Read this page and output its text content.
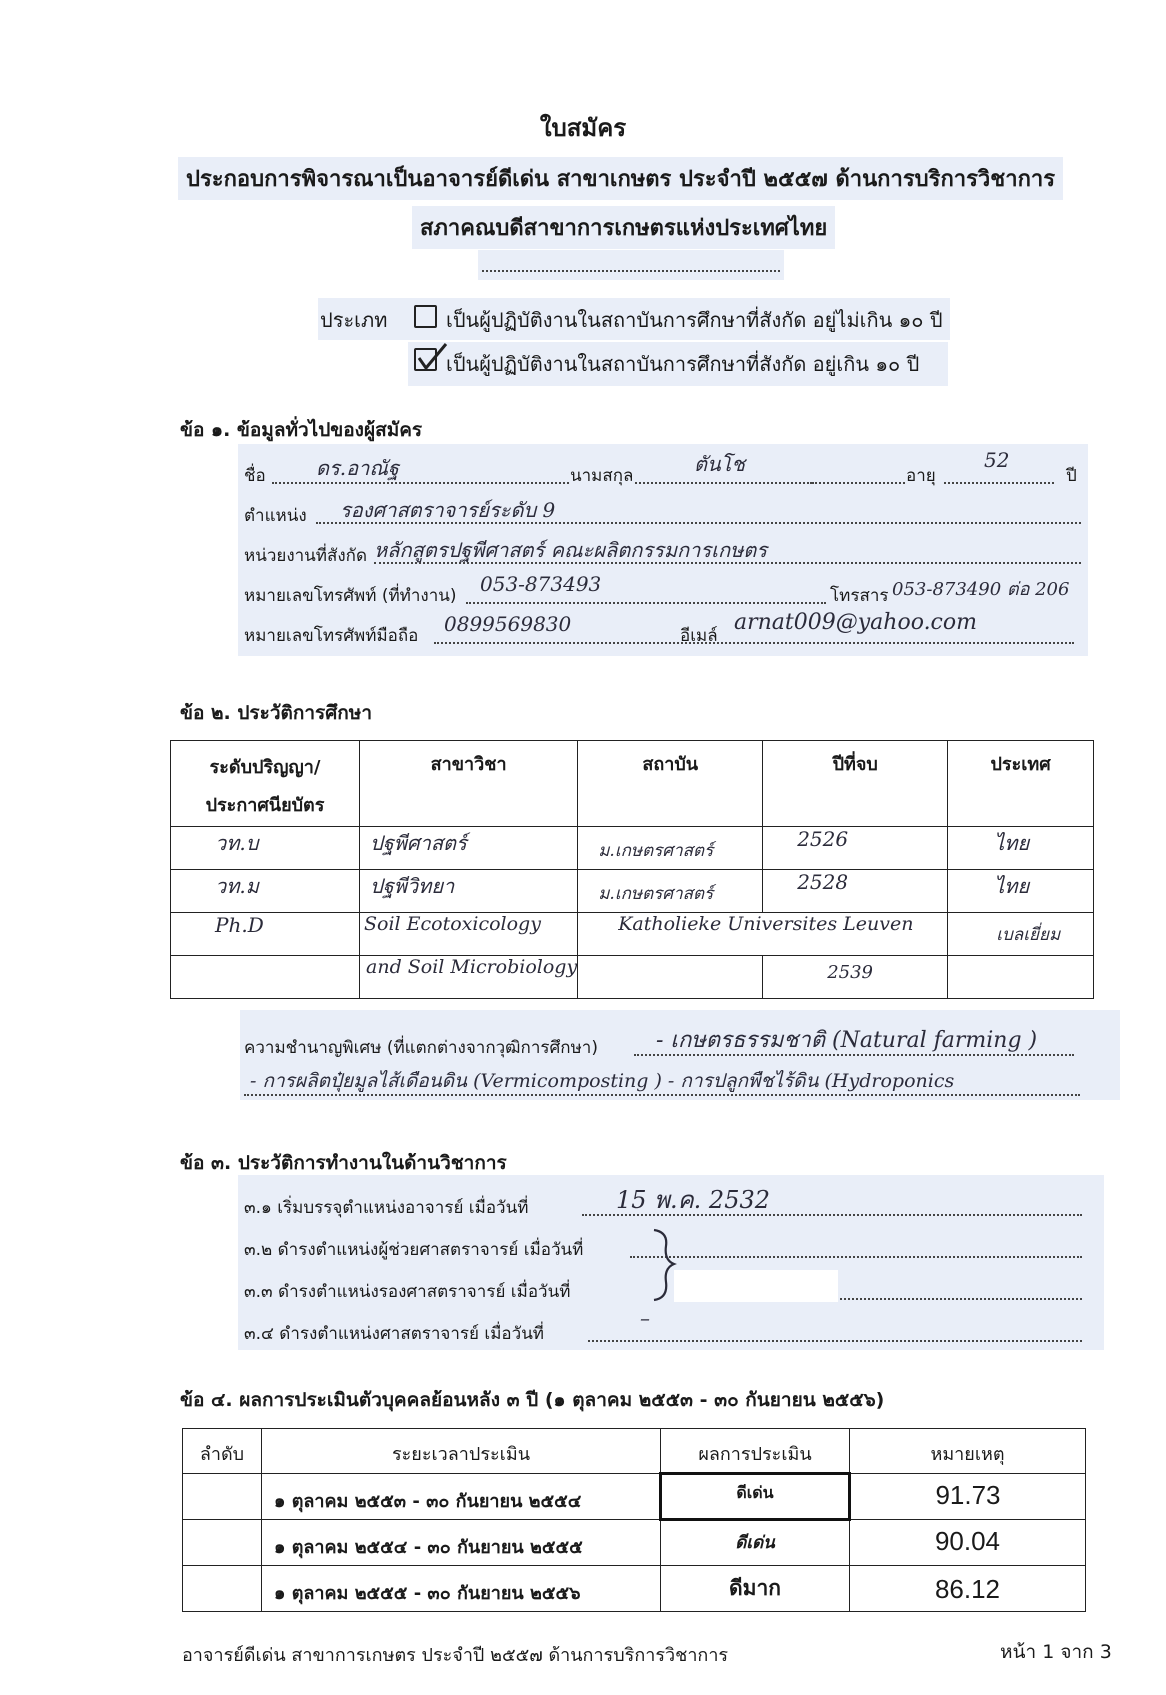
ใบสมัคร
ประกอบการพิจารณาเป็นอาจารย์ดีเด่น สาขาเกษตร ประจำปี ๒๕๕๗ ด้านการบริการวิชาการ
สภาคณบดีสาขาการเกษตรแห่งประเทศไทย
ประเภท	เป็นผู้ปฏิบัติงานในสถาบันการศึกษาที่สังกัด อยู่ไม่เกิน ๑๐ ปี
เป็นผู้ปฏิบัติงานในสถาบันการศึกษาที่สังกัด อยู่เกิน ๑๐ ปี
ข้อ ๑. ข้อมูลทั่วไปของผู้สมัคร
ชื่อ	ดร.อาณัฐ	นามสกุล	ตันโช	อายุ
52
ปี
ตำแหน่ง รองศาสตราจารย์ระดับ 9
หน่วยงานที่สังกัด หลักสูตรปฐพีศาสตร์ คณะผลิตกรรมการเกษตร
หมายเลขโทรศัพท์ (ที่ทำงาน) 053-873493	โทรสาร 053-873490 ต่อ 206
หมายเลขโทรศัพท์มือถือ 0899569830	อีเมล์
arnat009@yahoo.com
ข้อ ๒. ประวัติการศึกษา
ระดับปริญญา/
ประกาศนียบัตร	สาขาวิชา	สถาบัน	ปีที่จบ	ประเทศ
วท.บ	ปฐพีศาสตร์	ม.เกษตรศาสตร์	2526	ไทย
วท.ม	ปฐพีวิทยา	ม.เกษตรศาสตร์	2528	ไทย
Ph.D	Soil Ecotoxicology	Katholieke Universites Leuven		เบลเยี่ยม
	and Soil Microbiology		2539	
ความชำนาญพิเศษ (ที่แตกต่างจากวุฒิการศึกษา)	- เกษตรธรรมชาติ (Natural farming )
- การผลิตปุ๋ยมูลไส้เดือนดิน (Vermicomposting ) - การปลูกพืชไร้ดิน (Hydroponics
ข้อ ๓. ประวัติการทำงานในด้านวิชาการ
๓.๑ เริ่มบรรจุตำแหน่งอาจารย์ เมื่อวันที่	15 พ.ค. 2532
๓.๒ ดำรงตำแหน่งผู้ช่วยศาสตราจารย์ เมื่อวันที่
๓.๓ ดำรงตำแหน่งรองศาสตราจารย์ เมื่อวันที่
๓.๔ ดำรงตำแหน่งศาสตราจารย์ เมื่อวันที่
–
ข้อ ๔. ผลการประเมินตัวบุคคลย้อนหลัง ๓ ปี (๑ ตุลาคม ๒๕๕๓ - ๓๐ กันยายน ๒๕๕๖)
ลำดับ	ระยะเวลาประเมิน	ผลการประเมิน	หมายเหตุ
	๑ ตุลาคม ๒๕๕๓ - ๓๐ กันยายน ๒๕๕๔	ดีเด่น	91.73
	๑ ตุลาคม ๒๕๕๔ - ๓๐ กันยายน ๒๕๕๕	ดีเด่น	90.04
	๑ ตุลาคม ๒๕๕๕ - ๓๐ กันยายน ๒๕๕๖	ดีมาก	86.12
อาจารย์ดีเด่น สาขาการเกษตร ประจำปี ๒๕๕๗ ด้านการบริการวิชาการ	หน้า 1 จาก 3
